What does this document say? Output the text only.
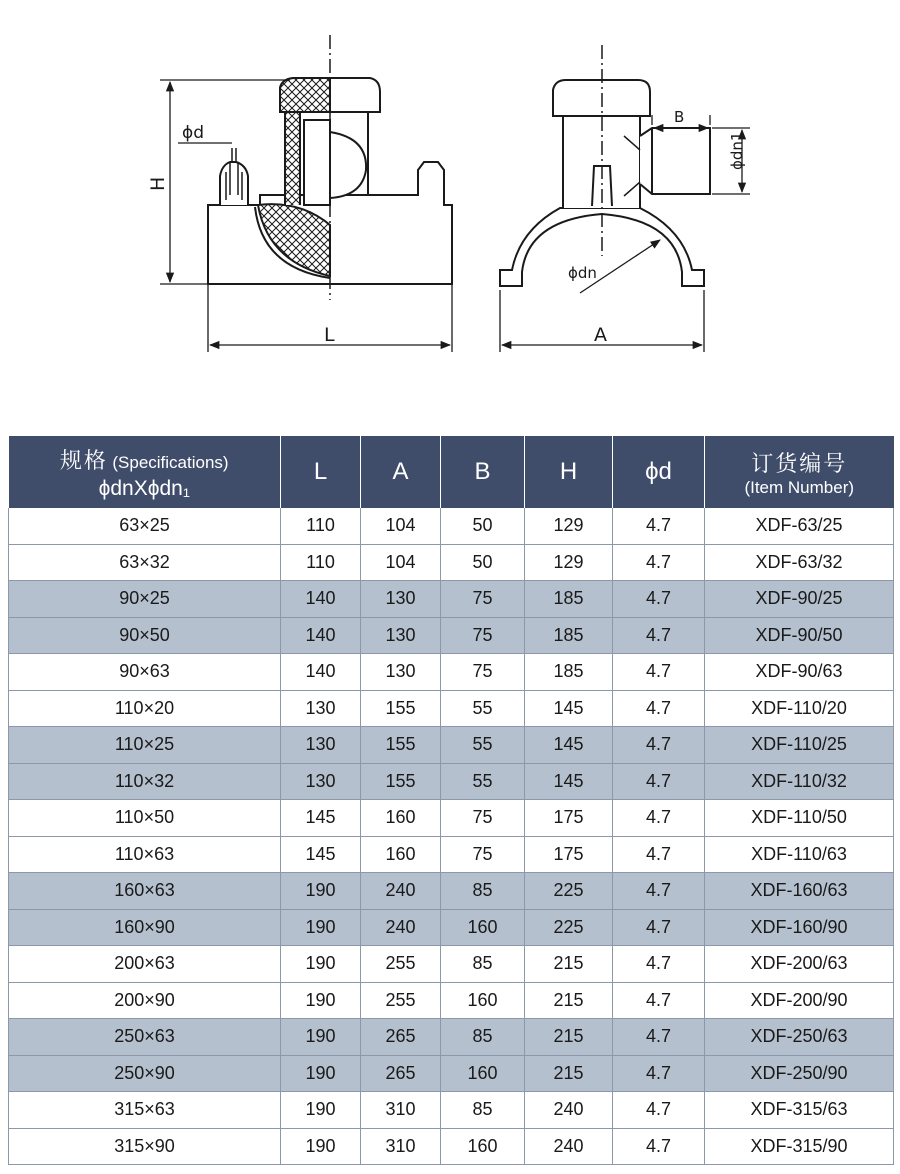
ϕd
H
L
B
ϕdn1
ϕdn
A
规格 (Specifications)
ϕdnXϕdn₁	L	A	B	H	ϕd	订货编号
(Item Number)
63×25	110	104	50	129	4.7	XDF-63/25
63×32	110	104	50	129	4.7	XDF-63/32
90×25	140	130	75	185	4.7	XDF-90/25
90×50	140	130	75	185	4.7	XDF-90/50
90×63	140	130	75	185	4.7	XDF-90/63
110×20	130	155	55	145	4.7	XDF-110/20
110×25	130	155	55	145	4.7	XDF-110/25
110×32	130	155	55	145	4.7	XDF-110/32
110×50	145	160	75	175	4.7	XDF-110/50
110×63	145	160	75	175	4.7	XDF-110/63
160×63	190	240	85	225	4.7	XDF-160/63
160×90	190	240	160	225	4.7	XDF-160/90
200×63	190	255	85	215	4.7	XDF-200/63
200×90	190	255	160	215	4.7	XDF-200/90
250×63	190	265	85	215	4.7	XDF-250/63
250×90	190	265	160	215	4.7	XDF-250/90
315×63	190	310	85	240	4.7	XDF-315/63
315×90	190	310	160	240	4.7	XDF-315/90
